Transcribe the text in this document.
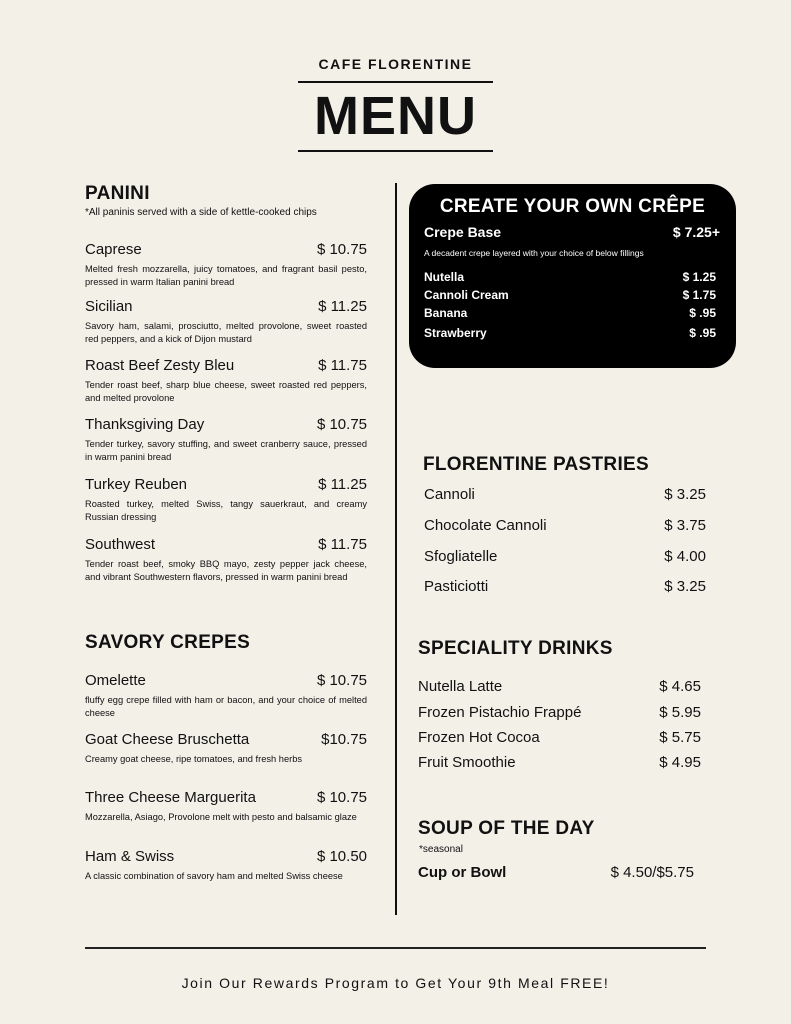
CAFE FLORENTINE
MENU
PANINI
*All paninis served with a side of kettle-cooked chips
Caprese	$ 10.75
Melted fresh mozzarella, juicy tomatoes, and fragrant basil pesto, pressed in warm Italian panini bread
Sicilian	$ 11.25
Savory ham, salami, prosciutto, melted provolone, sweet roasted red peppers, and a kick of Dijon mustard
Roast Beef Zesty Bleu	$ 11.75
Tender roast beef, sharp blue cheese, sweet roasted red peppers, and melted provolone
Thanksgiving Day	$ 10.75
Tender turkey, savory stuffing, and sweet cranberry sauce, pressed in warm panini bread
Turkey Reuben	$ 11.25
Roasted turkey, melted Swiss, tangy sauerkraut, and creamy Russian dressing
Southwest	$ 11.75
Tender roast beef, smoky BBQ mayo, zesty pepper jack cheese, and vibrant Southwestern flavors, pressed in warm panini bread
SAVORY CREPES
Omelette	$ 10.75
fluffy egg crepe filled with ham or bacon, and your choice of melted cheese
Goat Cheese Bruschetta	$10.75
Creamy goat cheese, ripe tomatoes, and fresh herbs
Three Cheese Marguerita	$ 10.75
Mozzarella, Asiago, Provolone melt with pesto and balsamic glaze
Ham & Swiss	$ 10.50
A classic combination of savory ham and melted Swiss cheese
CREATE YOUR OWN CRÊPE
Crepe Base	$ 7.25+
A decadent crepe layered with your choice of below fillings
Nutella	$ 1.25
Cannoli Cream	$ 1.75
Banana	$ .95
Strawberry	$ .95
FLORENTINE PASTRIES
Cannoli	$ 3.25
Chocolate Cannoli	$ 3.75
Sfogliatelle	$ 4.00
Pasticiotti	$ 3.25
SPECIALITY DRINKS
Nutella Latte	$ 4.65
Frozen Pistachio Frappé	$ 5.95
Frozen Hot Cocoa	$ 5.75
Fruit Smoothie	$ 4.95
SOUP OF THE DAY
*seasonal
Cup or Bowl	$ 4.50/$5.75
Join Our Rewards Program to Get Your 9th Meal FREE!
